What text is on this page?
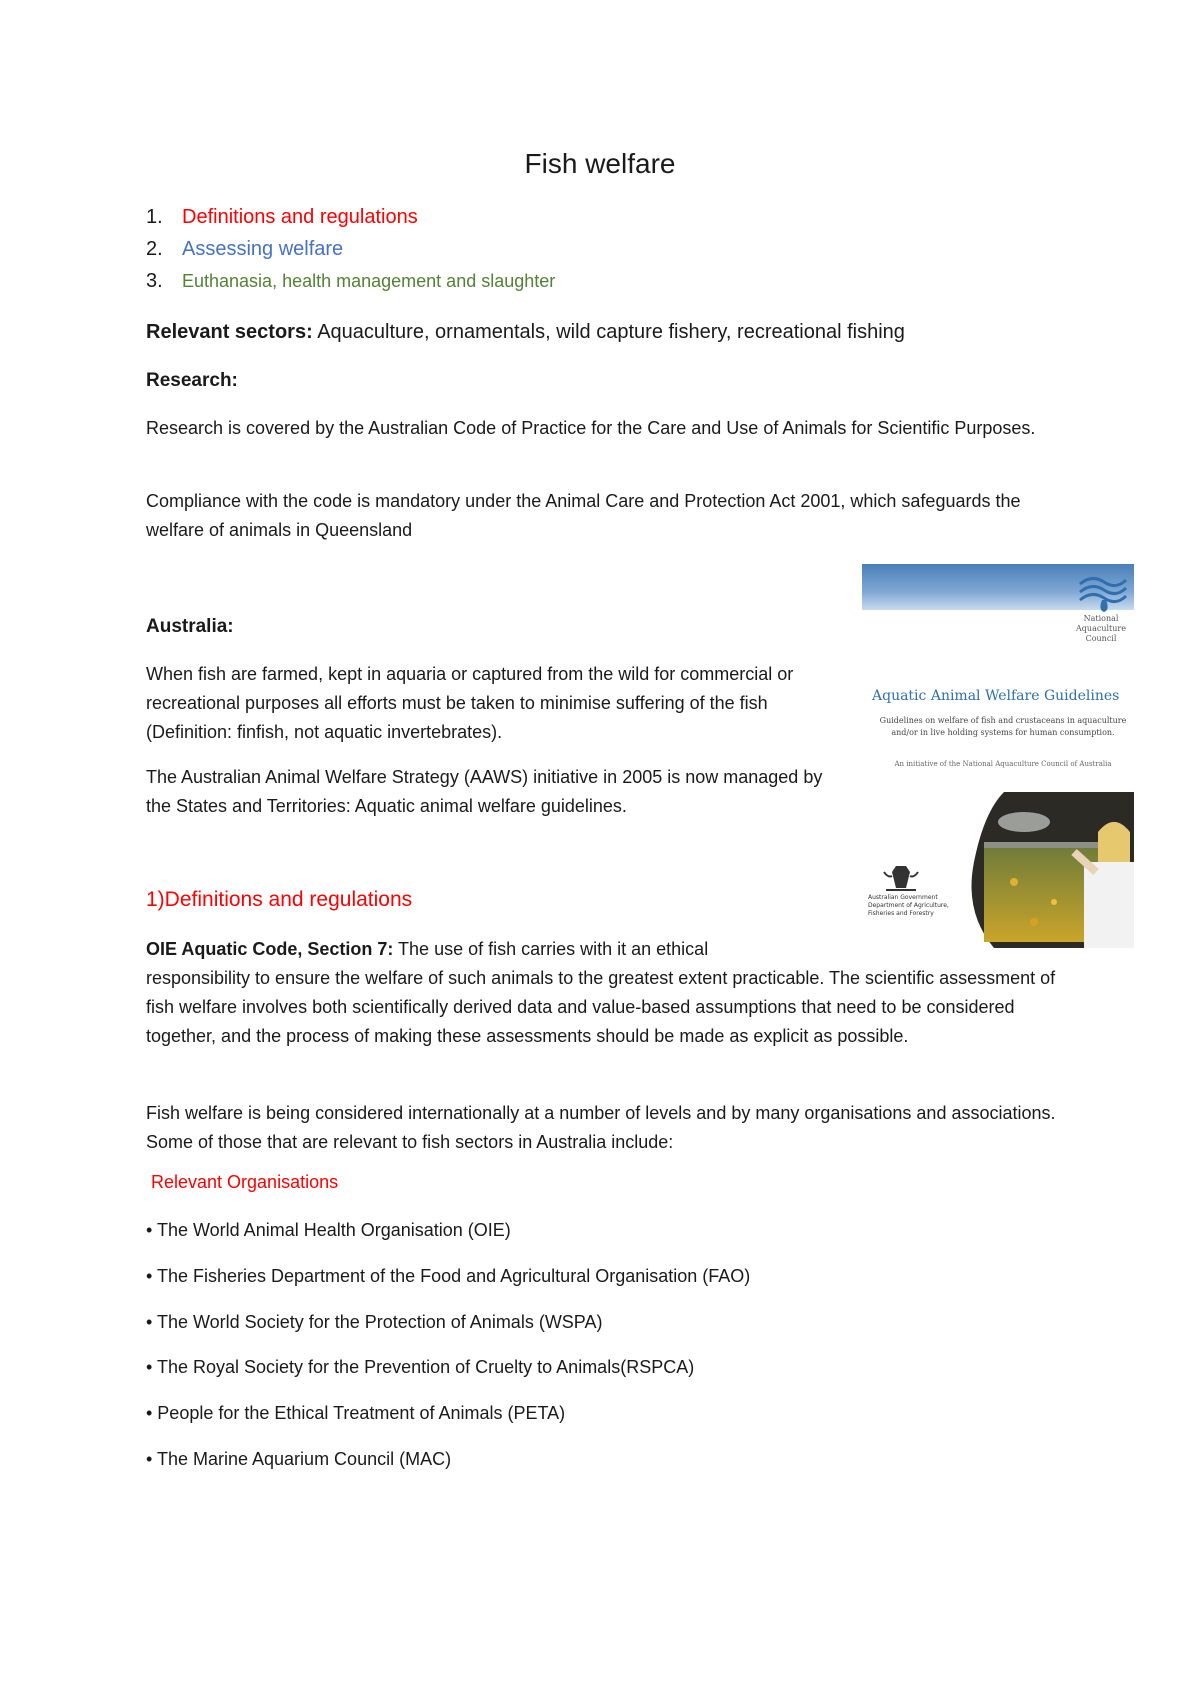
Fish welfare
1. Definitions and regulations
2. Assessing welfare
3. Euthanasia, health management and slaughter
Relevant sectors: Aquaculture, ornamentals, wild capture fishery, recreational fishing
Research:
Research is covered by the Australian Code of Practice for the Care and Use of Animals for Scientific Purposes.
Compliance with the code is mandatory under the Animal Care and Protection Act 2001, which safeguards the welfare of animals in Queensland
Australia:
When fish are farmed, kept in aquaria or captured from the wild for commercial or recreational purposes all efforts must be taken to minimise suffering of the fish (Definition: finfish, not aquatic invertebrates).
The Australian Animal Welfare Strategy (AAWS) initiative in 2005 is now managed by the States and Territories: Aquatic animal welfare guidelines.
National Aquaculture Council
Aquatic Animal Welfare Guidelines
Guidelines on welfare of fish and crustaceans in aquaculture and/or in live holding systems for human consumption.
An initiative of the National Aquaculture Council of Australia
Australian Government Department of Agriculture, Fisheries and Forestry
1)Definitions and regulations
OIE Aquatic Code, Section 7: The use of fish carries with it an ethical
responsibility to ensure the welfare of such animals to the greatest extent practicable. The scientific assessment of fish welfare involves both scientifically derived data and value-based assumptions that need to be considered together, and the process of making these assessments should be made as explicit as possible.
Fish welfare is being considered internationally at a number of levels and by many organisations and associations. Some of those that are relevant to fish sectors in Australia include:
Relevant Organisations
• The World Animal Health Organisation (OIE)
• The Fisheries Department of the Food and Agricultural Organisation (FAO)
• The World Society for the Protection of Animals (WSPA)
• The Royal Society for the Prevention of Cruelty to Animals(RSPCA)
• People for the Ethical Treatment of Animals (PETA)
• The Marine Aquarium Council (MAC)
